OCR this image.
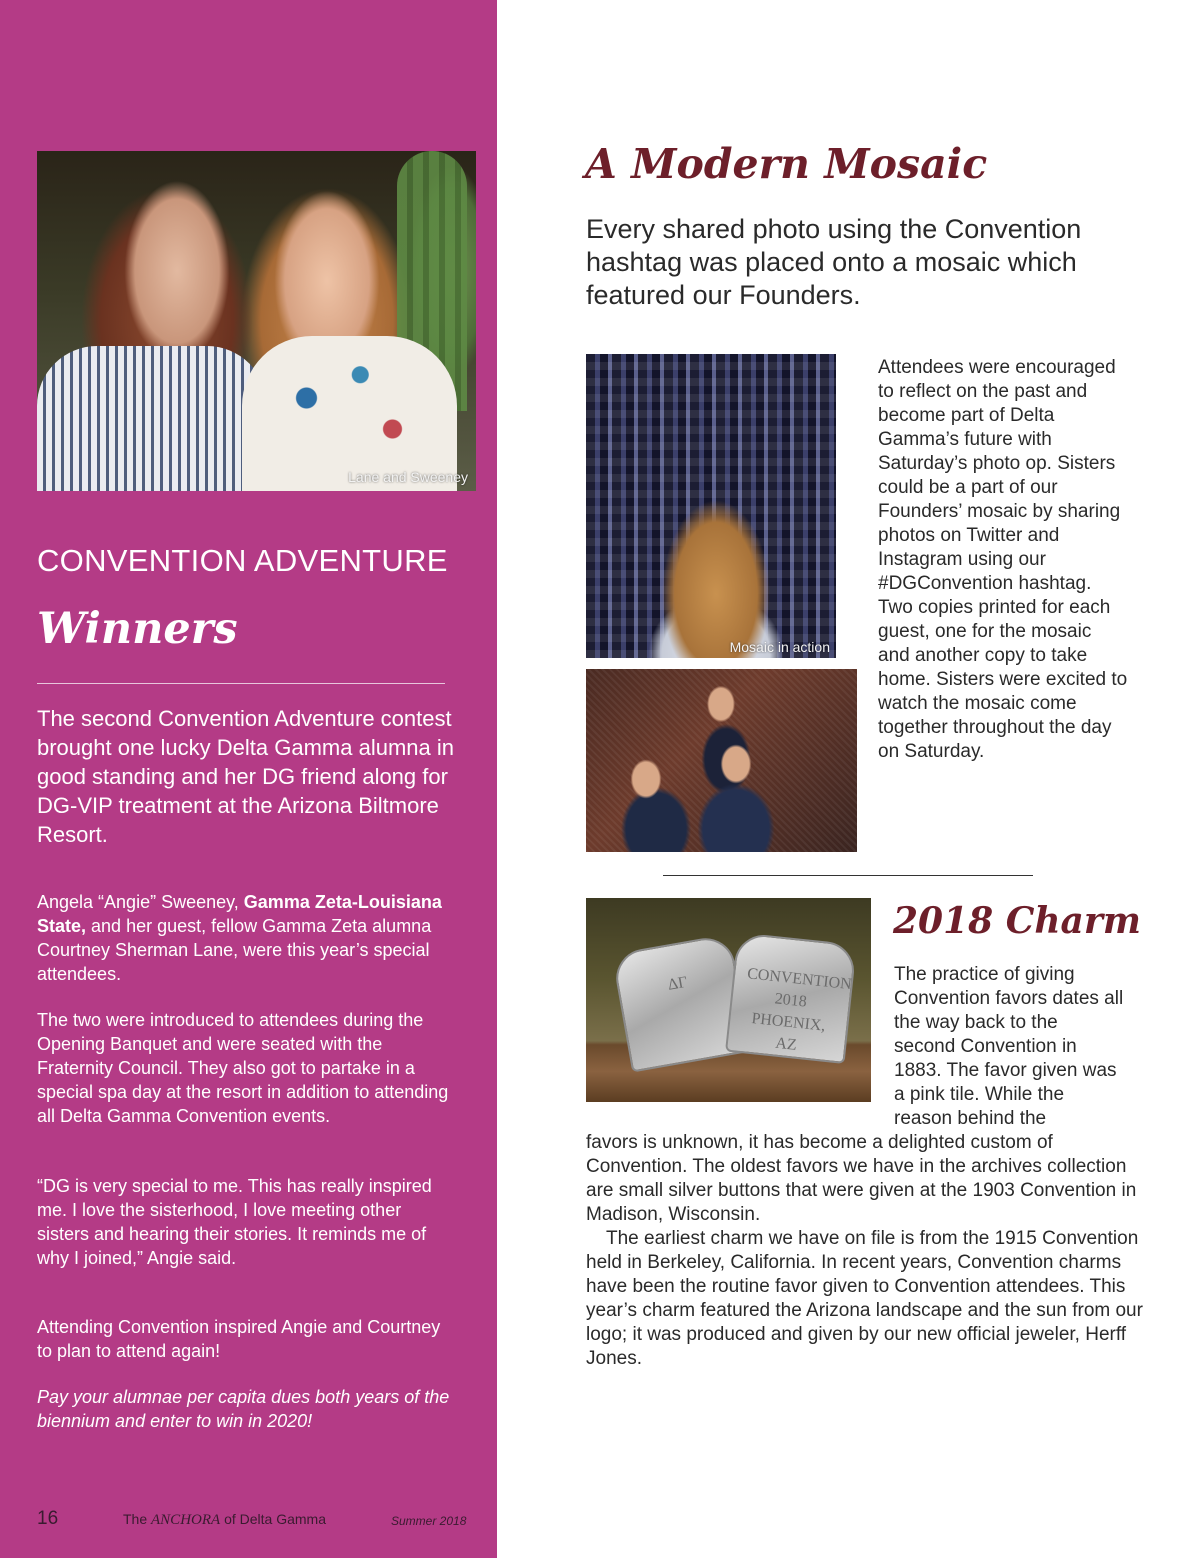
Lane and Sweeney
CONVENTION ADVENTURE
Winners

The second Convention Adventure contest brought one lucky Delta Gamma alumna in good standing and her DG friend along for DG-VIP treatment at the Arizona Biltmore Resort.

Angela “Angie” Sweeney, Gamma Zeta-Louisiana State, and her guest, fellow Gamma Zeta alumna Courtney Sherman Lane, were this year’s special attendees.

The two were introduced to attendees during the Opening Banquet and were seated with the Fraternity Council. They also got to partake in a special spa day at the resort in addition to attending all Delta Gamma Convention events.

“DG is very special to me. This has really inspired me. I love the sisterhood, I love meeting other sisters and hearing their stories. It reminds me of why I joined,” Angie said.

Attending Convention inspired Angie and Courtney to plan to attend again!

Pay your alumnae per capita dues both years of the biennium and enter to win in 2020!

16	The ANCHORA of Delta Gamma	Summer 2018
A Modern Mosaic

Every shared photo using the Convention hashtag was placed onto a mosaic which featured our Founders.

Mosaic in action

Attendees were encouraged to reflect on the past and become part of Delta Gamma’s future with Saturday’s photo op. Sisters could be a part of our Founders’ mosaic by sharing photos on Twitter and Instagram using our #DGConvention hashtag. Two copies printed for each guest, one for the mosaic and another copy to take home. Sisters were excited to watch the mosaic come together throughout the day on Saturday.

ΔΓ	CONVENTION 2018 PHOENIX, AZ
2018 Charm

The practice of giving Convention favors dates all the way back to the second Convention in 1883. The favor given was a pink tile. While the reason behind the

favors is unknown, it has become a delighted custom of Convention. The oldest favors we have in the archives collection are small silver buttons that were given at the 1903 Convention in Madison, Wisconsin.

The earliest charm we have on file is from the 1915 Convention held in Berkeley, California. In recent years, Convention charms have been the routine favor given to Convention attendees. This year’s charm featured the Arizona landscape and the sun from our logo; it was produced and given by our new official jeweler, Herff Jones.
